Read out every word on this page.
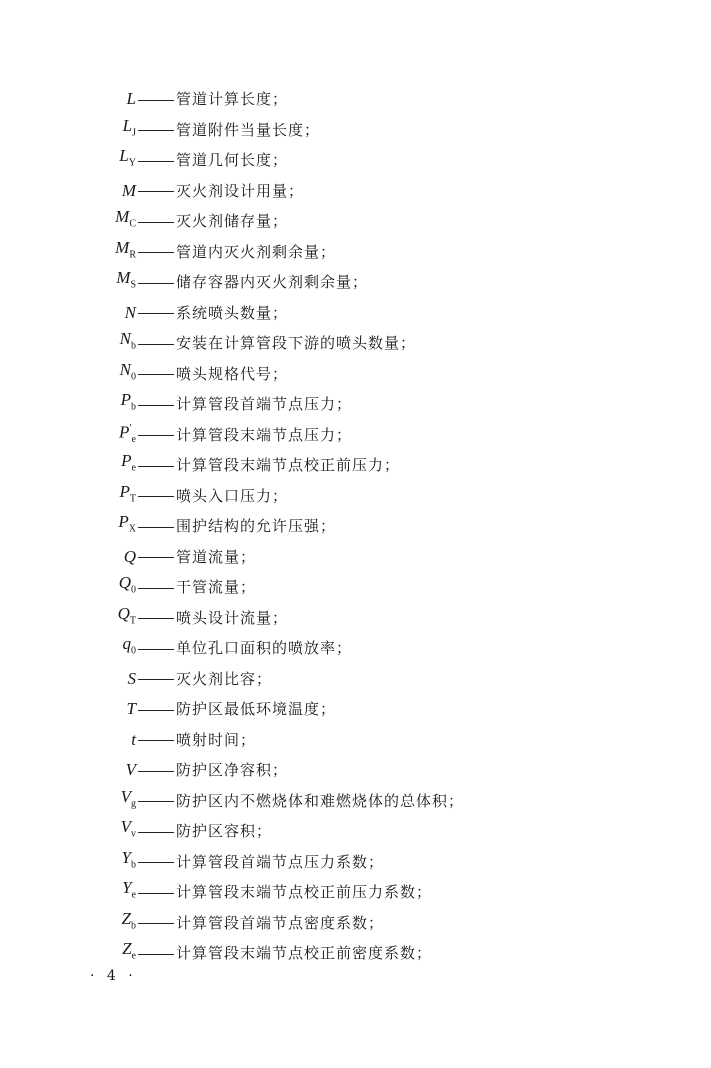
L	管道计算长度；
$L_J$	管道附件当量长度；
$L_Y$	管道几何长度；
M	灭火剂设计用量；
$M_C$	灭火剂储存量；
$M_R$	管道内灭火剂剩余量；
$M_S$	储存容器内灭火剂剩余量；
N	系统喷头数量；
$N_b$	安装在计算管段下游的喷头数量；
$N_0$	喷头规格代号；
$P_b$	计算管段首端节点压力；
$P'_e$	计算管段末端节点压力；
$P_e$	计算管段末端节点校正前压力；
$P_T$	喷头入口压力；
$P_X$	围护结构的允许压强；
Q	管道流量；
$Q_0$	干管流量；
$Q_T$	喷头设计流量；
$q_0$	单位孔口面积的喷放率；
S	灭火剂比容；
T	防护区最低环境温度；
t	喷射时间；
V	防护区净容积；
$V_g$	防护区内不燃烧体和难燃烧体的总体积；
$V_v$	防护区容积；
$Y_b$	计算管段首端节点压力系数；
$Y_e$	计算管段末端节点校正前压力系数；
$Z_b$	计算管段首端节点密度系数；
$Z_e$	计算管段末端节点校正前密度系数；
· 4 ·
